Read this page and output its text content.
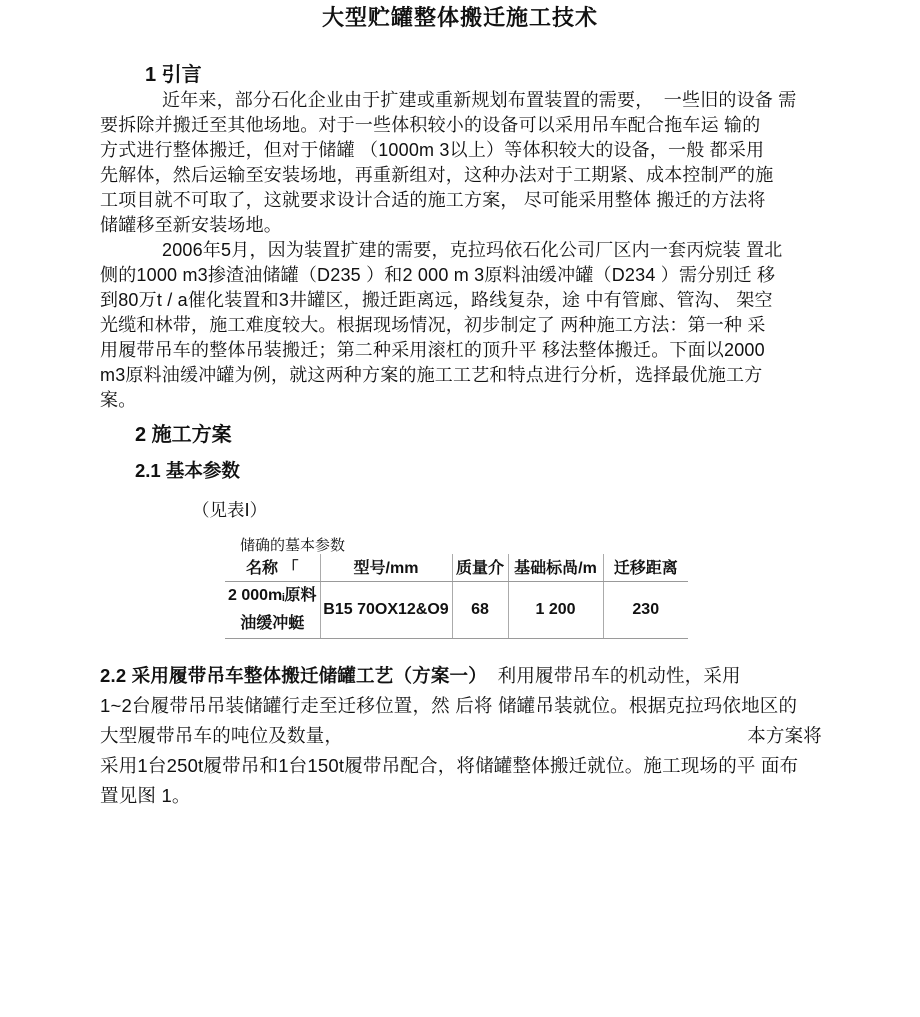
大型贮罐整体搬迁施工技术
1 引言
近年来，部分石化企业由于扩建或重新规划布置装置的需要，  一些旧的设备 需
要拆除并搬迁至其他场地。对于一些体积较小的设备可以采用吊车配合拖车运 输的
方式进行整体搬迁，但对于储罐 （1000m 3以上）等体积较大的设备，一般 都采用
先解体，然后运输至安装场地，再重新组对，这种办法对于工期紧、成本控制严的施
工项目就不可取了，这就要求设计合适的施工方案， 尽可能采用整体 搬迁的方法将
储罐移至新安装场地。
2006年5月，因为装置扩建的需要，克拉玛依石化公司厂区内一套丙烷装 置北
侧的1000 m3掺渣油储罐（D235 ）和2 000 m 3原料油缓冲罐（D234 ）需分别迁 移
到80万t / a催化装置和3井罐区，搬迁距离远，路线复杂，途 中有管廊、管沟、 架空
光缆和林带，施工难度较大。根据现场情况，初步制定了 两种施工方法：第一种 采
用履带吊车的整体吊装搬迁；第二种采用滚杠的顶升平 移法整体搬迁。下面以2000
m3原料油缓冲罐为例，就这两种方案的施工工艺和特点进行分析，选择最优施工方
案。
2 施工方案
2.1 基本参数
（见表Ⅰ）
储确的墓本参数
名称 「	型号/mm	质量介	基础标咼/m	迁移距离

2 000mᵢ原料
油缓冲蜓	B15 70OX12&O9	68	1 200	230
2.2 采用履带吊车整体搬迁储罐工艺（方案一）  利用履带吊车的机动性，采用
1~2台履带吊吊装储罐行走至迁移位置，然 后将 储罐吊装就位。根据克拉玛依地区的
大型履带吊车的吨位及数量，	本方案将
采用1台250t履带吊和1台150t履带吊配合，将储罐整体搬迁就位。施工现场的平 面布
置见图 1。
